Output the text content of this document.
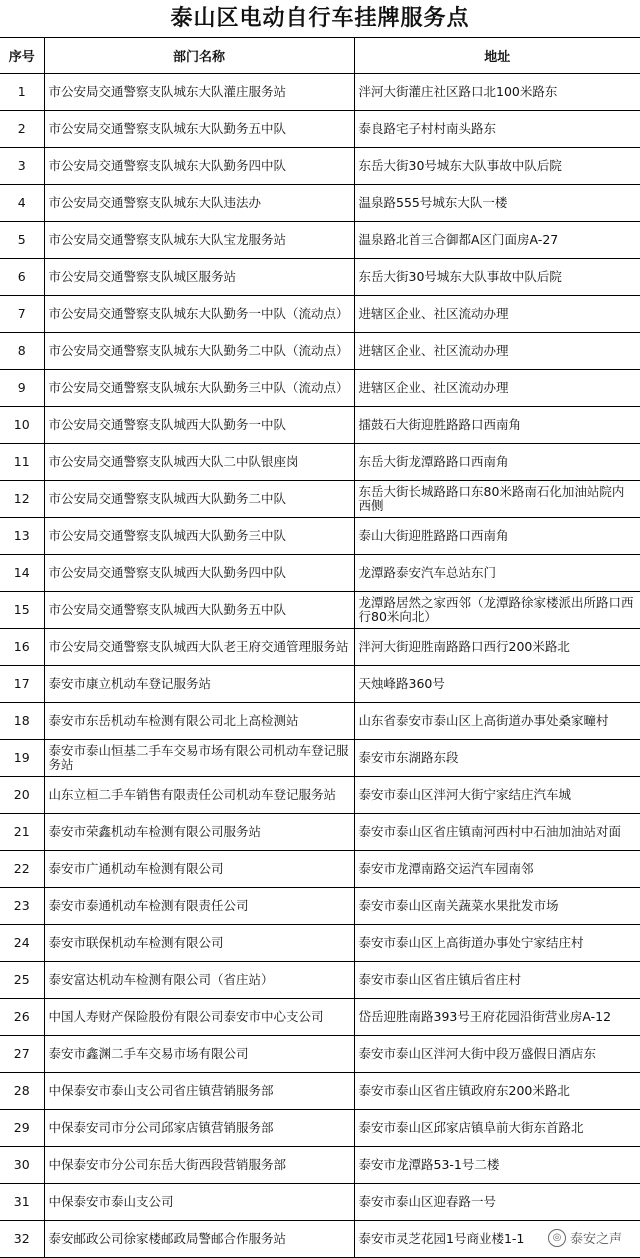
泰山区电动自行车挂牌服务点
序号	部门名称	地址
1	市公安局交通警察支队城东大队灌庄服务站	泮河大街灌庄社区路口北100米路东
2	市公安局交通警察支队城东大队勤务五中队	泰良路宅子村村南头路东
3	市公安局交通警察支队城东大队勤务四中队	东岳大街30号城东大队事故中队后院
4	市公安局交通警察支队城东大队违法办	温泉路555号城东大队一楼
5	市公安局交通警察支队城东大队宝龙服务站	温泉路北首三合御都A区门面房A-27
6	市公安局交通警察支队城区服务站	东岳大街30号城东大队事故中队后院
7	市公安局交通警察支队城东大队勤务一中队（流动点）	进辖区企业、社区流动办理
8	市公安局交通警察支队城东大队勤务二中队（流动点）	进辖区企业、社区流动办理
9	市公安局交通警察支队城东大队勤务三中队（流动点）	进辖区企业、社区流动办理
10	市公安局交通警察支队城西大队勤务一中队	擂鼓石大街迎胜路路口西南角
11	市公安局交通警察支队城西大队二中队银座岗	东岳大街龙潭路路口西南角
12	市公安局交通警察支队城西大队勤务二中队	东岳大街长城路路口东80米路南石化加油站院内西侧
13	市公安局交通警察支队城西大队勤务三中队	泰山大街迎胜路路口西南角
14	市公安局交通警察支队城西大队勤务四中队	龙潭路泰安汽车总站东门
15	市公安局交通警察支队城西大队勤务五中队	龙潭路居然之家西邻（龙潭路徐家楼派出所路口西行80米向北）
16	市公安局交通警察支队城西大队老王府交通管理服务站	泮河大街迎胜南路路口西行200米路北
17	泰安市康立机动车登记服务站	天烛峰路360号
18	泰安市东岳机动车检测有限公司北上高检测站	山东省泰安市泰山区上高街道办事处桑家疃村
19	泰安市泰山恒基二手车交易市场有限公司机动车登记服务站	泰安市东湖路东段
20	山东立桓二手车销售有限责任公司机动车登记服务站	泰安市泰山区泮河大街宁家结庄汽车城
21	泰安市荣鑫机动车检测有限公司服务站	泰安市泰山区省庄镇南河西村中石油加油站对面
22	泰安市广通机动车检测有限公司	泰安市龙潭南路交运汽车园南邻
23	泰安市泰通机动车检测有限责任公司	泰安市泰山区南关蔬菜水果批发市场
24	泰安市联保机动车检测有限公司	泰安市泰山区上高街道办事处宁家结庄村
25	泰安富达机动车检测有限公司（省庄站）	泰安市泰山区省庄镇后省庄村
26	中国人寿财产保险股份有限公司泰安市中心支公司	岱岳迎胜南路393号王府花园沿街营业房A-12
27	泰安市鑫渊二手车交易市场有限公司	泰安市泰山区泮河大街中段万盛假日酒店东
28	中保泰安市泰山支公司省庄镇营销服务部	泰安市泰山区省庄镇政府东200米路北
29	中保泰安司市分公司邱家店镇营销服务部	泰安市泰山区邱家店镇阜前大街东首路北
30	中保泰安市分公司东岳大街西段营销服务部	泰安市龙潭路53-1号二楼
31	中保泰安市泰山支公司	泰安市泰山区迎春路一号
32	泰安邮政公司徐家楼邮政局警邮合作服务站	泰安市灵芝花园1号商业楼1-1	◎ 泰安之声
